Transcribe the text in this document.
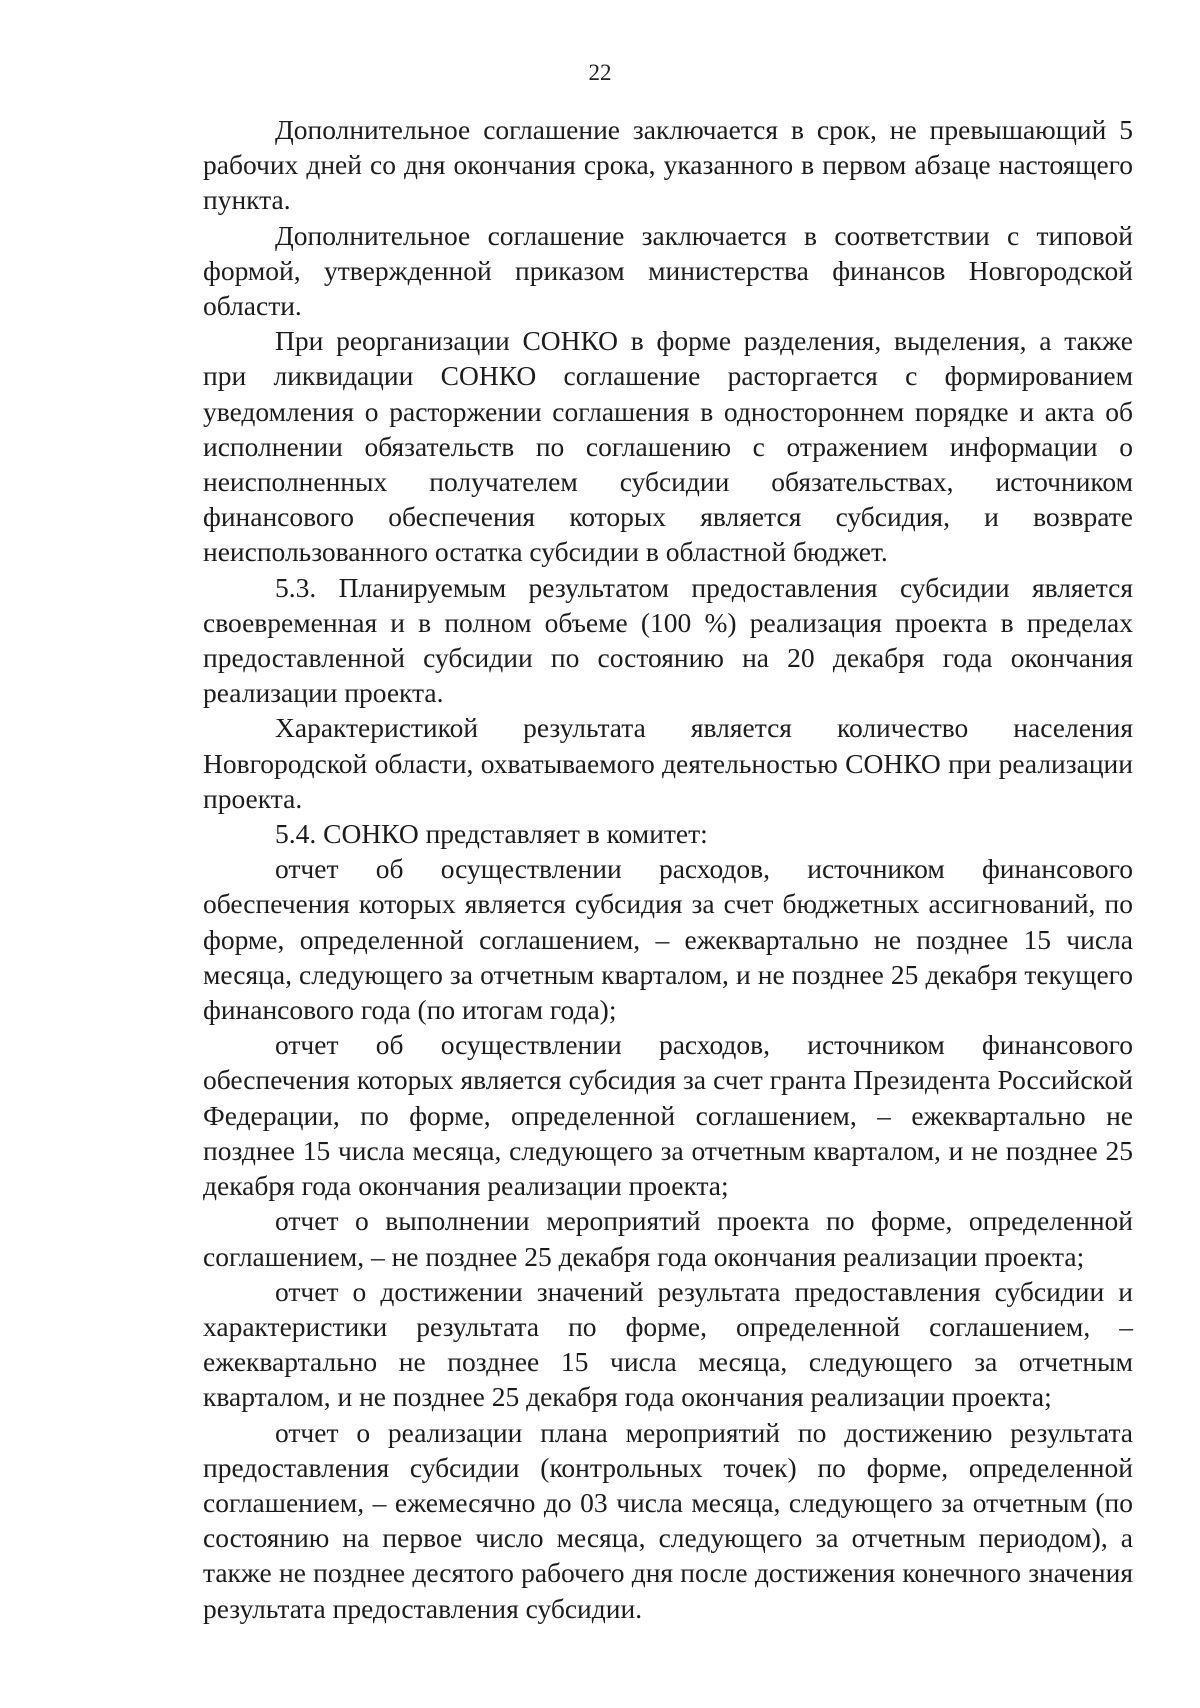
22

Дополнительное соглашение заключается в срок, не превышающий 5 рабочих дней со дня окончания срока, указанного в первом абзаце настоящего пункта.

Дополнительное соглашение заключается в соответствии с типовой формой, утвержденной приказом министерства финансов Новгородской области.

При реорганизации СОНКО в форме разделения, выделения, а также при ликвидации СОНКО соглашение расторгается с формированием уведомления о расторжении соглашения в одностороннем порядке и акта об исполнении обязательств по соглашению с отражением информации о неисполненных получателем субсидии обязательствах, источником финансового обеспечения которых является субсидия, и возврате неиспользованного остатка субсидии в областной бюджет.

5.3. Планируемым результатом предоставления субсидии является своевременная и в полном объеме (100 %) реализация проекта в пределах предоставленной субсидии по состоянию на 20 декабря года окончания реализации проекта.

Характеристикой результата является количество населения Новгородской области, охватываемого деятельностью СОНКО при реализации проекта.

5.4. СОНКО представляет в комитет:

отчет об осуществлении расходов, источником финансового обеспечения которых является субсидия за счет бюджетных ассигнований, по форме, определенной соглашением, – ежеквартально не позднее 15 числа месяца, следующего за отчетным кварталом, и не позднее 25 декабря текущего финансового года (по итогам года);

отчет об осуществлении расходов, источником финансового обеспечения которых является субсидия за счет гранта Президента Российской Федерации, по форме, определенной соглашением, – ежеквартально не позднее 15 числа месяца, следующего за отчетным кварталом, и не позднее 25 декабря года окончания реализации проекта;

отчет о выполнении мероприятий проекта по форме, определенной соглашением, – не позднее 25 декабря года окончания реализации проекта;

отчет о достижении значений результата предоставления субсидии и характеристики результата по форме, определенной соглашением, – ежеквартально не позднее 15 числа месяца, следующего за отчетным кварталом, и не позднее 25 декабря года окончания реализации проекта;

отчет о реализации плана мероприятий по достижению результата предоставления субсидии (контрольных точек) по форме, определенной соглашением, – ежемесячно до 03 числа месяца, следующего за отчетным (по состоянию на первое число месяца, следующего за отчетным периодом), а также не позднее десятого рабочего дня после достижения конечного значения результата предоставления субсидии.
